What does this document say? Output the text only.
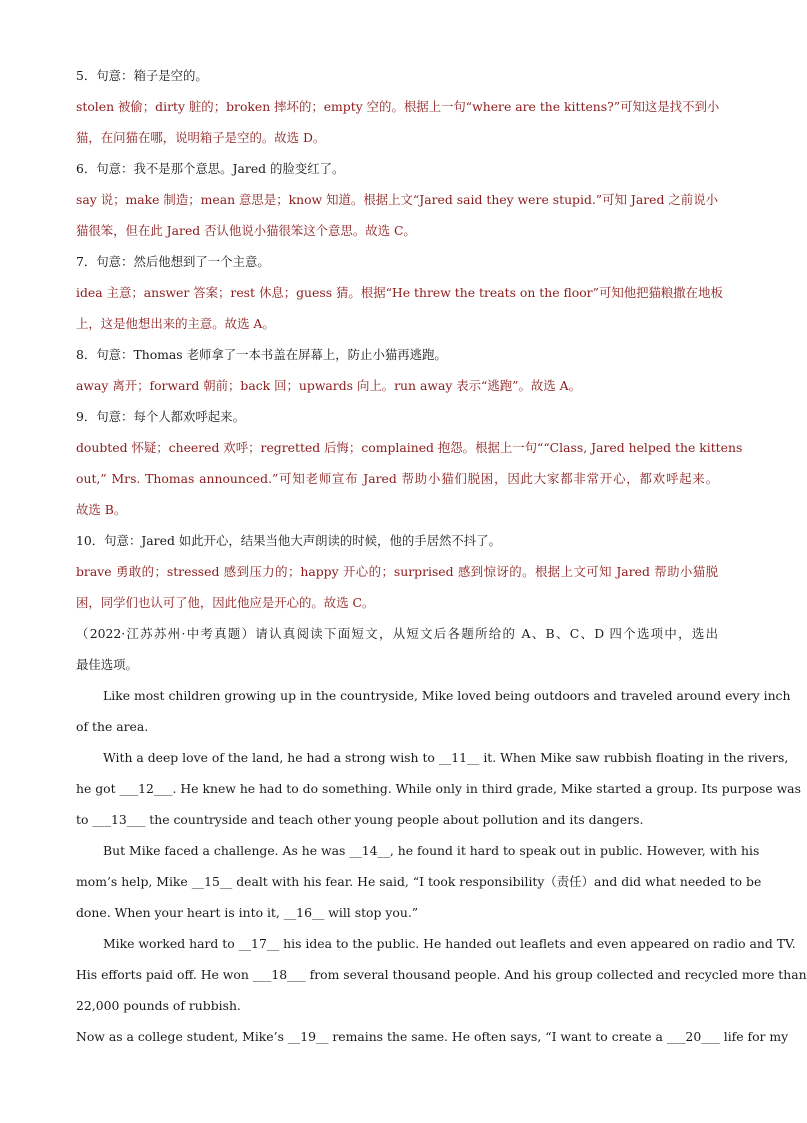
5．句意：箱子是空的。
stolen 被偷；dirty 脏的；broken 摔坏的；empty 空的。根据上一句“where are the kittens?”可知这是找不到小
猫，在问猫在哪，说明箱子是空的。故选 D。
6．句意：我不是那个意思。Jared 的脸变红了。
say 说；make 制造；mean 意思是；know 知道。根据上文“Jared said they were stupid.”可知 Jared 之前说小
猫很笨，但在此 Jared 否认他说小猫很笨这个意思。故选 C。
7．句意：然后他想到了一个主意。
idea 主意；answer 答案；rest 休息；guess 猜。根据“He threw the treats on the floor”可知他把猫粮撒在地板
上，这是他想出来的主意。故选 A。
8．句意：Thomas 老师拿了一本书盖在屏幕上，防止小猫再逃跑。
away 离开；forward 朝前；back 回；upwards 向上。run away 表示“逃跑”。故选 A。
9．句意：每个人都欢呼起来。
doubted 怀疑；cheered 欢呼；regretted 后悔；complained 抱怨。根据上一句““Class, Jared helped the kittens
out,” Mrs. Thomas announced.”可知老师宣布 Jared 帮助小猫们脱困，因此大家都非常开心，都欢呼起来。
故选 B。
10．句意：Jared 如此开心，结果当他大声朗读的时候，他的手居然不抖了。
brave 勇敢的；stressed 感到压力的；happy 开心的；surprised 感到惊讶的。根据上文可知 Jared 帮助小猫脱
困，同学们也认可了他，因此他应是开心的。故选 C。
（2022·江苏苏州·中考真题）请认真阅读下面短文，从短文后各题所给的 A、B、C、D 四个选项中，选出
最佳选项。
Like most children growing up in the countryside, Mike loved being outdoors and traveled around every inch
of the area.
With a deep love of the land, he had a strong wish to __11__ it. When Mike saw rubbish floating in the rivers,
he got ___12___. He knew he had to do something. While only in third grade, Mike started a group. Its purpose was
to ___13___ the countryside and teach other young people about pollution and its dangers.
But Mike faced a challenge. As he was __14__, he found it hard to speak out in public. However, with his
mom’s help, Mike __15__ dealt with his fear. He said, “I took responsibility（责任）and did what needed to be
done. When your heart is into it, __16__ will stop you.”
Mike worked hard to __17__ his idea to the public. He handed out leaflets and even appeared on radio and TV.
His efforts paid off. He won ___18___ from several thousand people. And his group collected and recycled more than
22,000 pounds of rubbish.
Now as a college student, Mike’s __19__ remains the same. He often says, “I want to create a ___20___ life for my
